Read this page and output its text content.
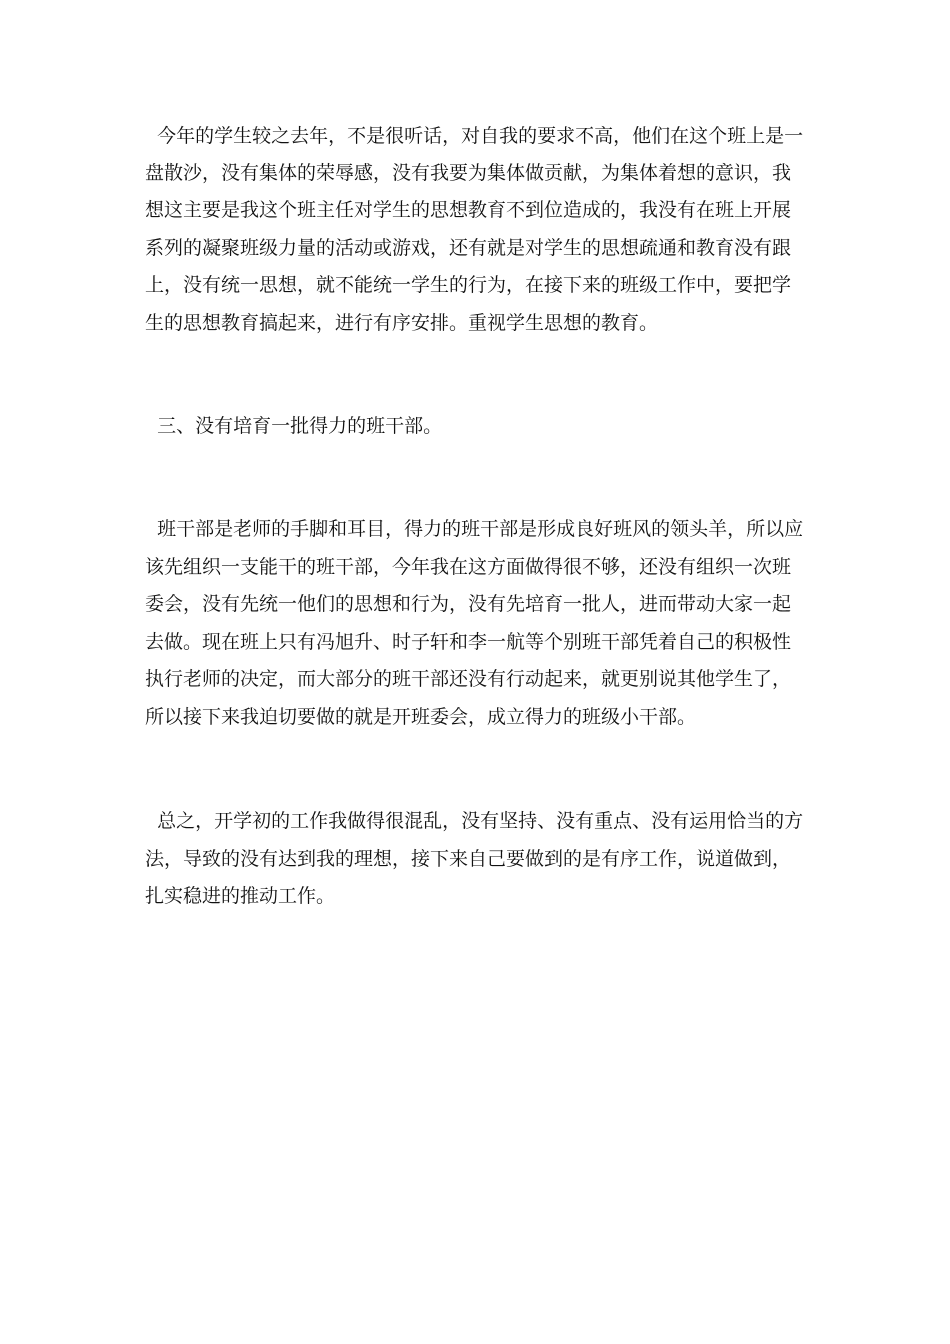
今年的学生较之去年，不是很听话，对自我的要求不高，他们在这个班上是一
盘散沙，没有集体的荣辱感，没有我要为集体做贡献，为集体着想的意识，我
想这主要是我这个班主任对学生的思想教育不到位造成的，我没有在班上开展
系列的凝聚班级力量的活动或游戏，还有就是对学生的思想疏通和教育没有跟
上，没有统一思想，就不能统一学生的行为，在接下来的班级工作中，要把学
生的思想教育搞起来，进行有序安排。重视学生思想的教育。
三、没有培育一批得力的班干部。
班干部是老师的手脚和耳目，得力的班干部是形成良好班风的领头羊，所以应
该先组织一支能干的班干部，今年我在这方面做得很不够，还没有组织一次班
委会，没有先统一他们的思想和行为，没有先培育一批人，进而带动大家一起
去做。现在班上只有冯旭升、时子轩和李一航等个别班干部凭着自己的积极性
执行老师的决定，而大部分的班干部还没有行动起来，就更别说其他学生了，
所以接下来我迫切要做的就是开班委会，成立得力的班级小干部。
总之，开学初的工作我做得很混乱，没有坚持、没有重点、没有运用恰当的方
法，导致的没有达到我的理想，接下来自己要做到的是有序工作，说道做到，
扎实稳进的推动工作。
